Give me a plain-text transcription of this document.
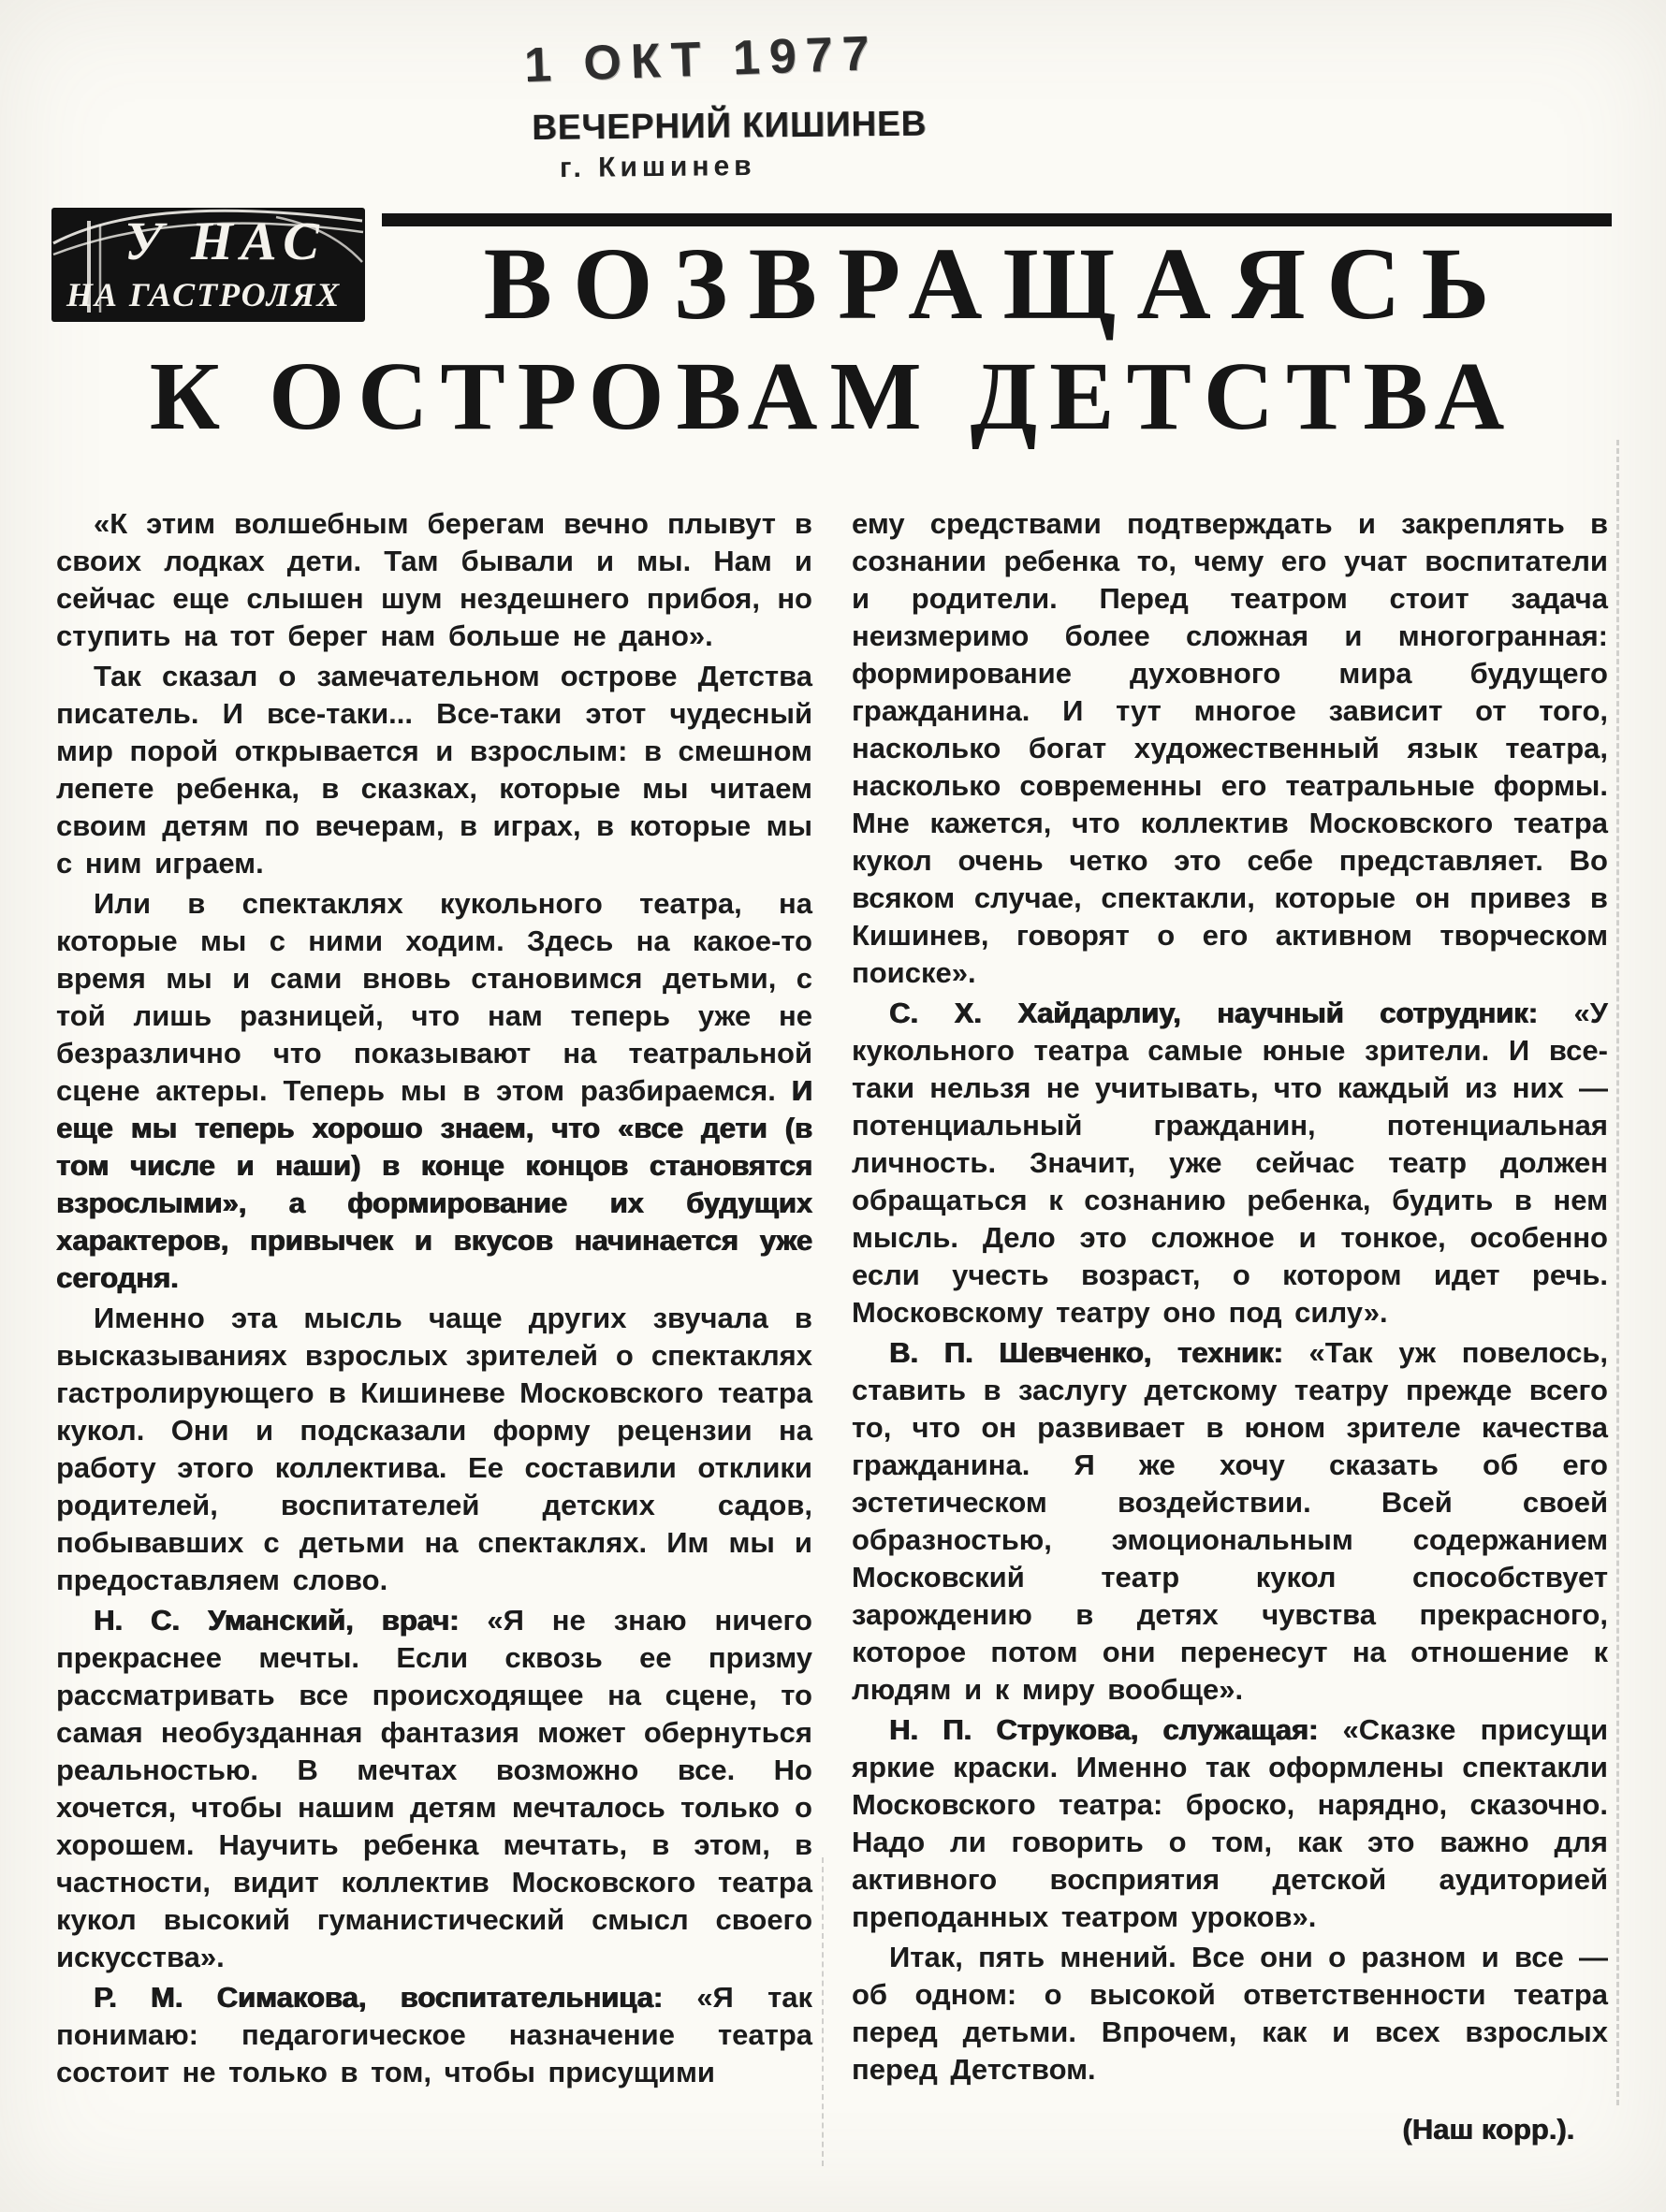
1 ОКТ 1977
ВЕЧЕРНИЙ КИШИНЕВ
г. Кишинев
У НАС
НА ГАСТРОЛЯХ	ВОЗВРАЩАЯСЬ
К ОСТРОВАМ ДЕТСТВА

«К этим волшебным берегам вечно плывут в своих лодках дети. Там бывали и мы. Нам и сейчас еще слышен шум нездешнего прибоя, но ступить на тот берег нам больше не дано».

Так сказал о замечательном острове Детства писатель. И все-таки... Все-таки этот чудесный мир порой открывается и взрослым: в смешном лепете ребенка, в сказках, которые мы читаем своим детям по вечерам, в играх, в которые мы с ним играем.

Или в спектаклях кукольного театра, на которые мы с ними ходим. Здесь на какое-то время мы и сами вновь становимся детьми, с той лишь разницей, что нам теперь уже не безразлично что показывают на театральной сцене актеры. Теперь мы в этом разбираемся. И еще мы теперь хорошо знаем, что «все дети (в том числе и наши) в конце концов становятся взрослыми», а формирование их будущих характеров, привычек и вкусов начинается уже сегодня.

Именно эта мысль чаще других звучала в высказываниях взрослых зрителей о спектаклях гастролирующего в Кишиневе Московского театра кукол. Они и подсказали форму рецензии на работу этого коллектива. Ее составили отклики родителей, воспитателей детских садов, побывавших с детьми на спектаклях. Им мы и предоставляем слово.

Н. С. Уманский, врач: «Я не знаю ничего прекраснее мечты. Если сквозь ее призму рассматривать все происходящее на сцене, то самая необузданная фантазия может обернуться реальностью. В мечтах возможно все. Но хочется, чтобы нашим детям мечталось только о хорошем. Научить ребенка мечтать, в этом, в частности, видит коллектив Московского театра кукол высокий гуманистический смысл своего искусства».

Р. М. Симакова, воспитательница: «Я так понимаю: педагогическое назначение театра состоит не только в том, чтобы присущими

ему средствами подтверждать и закреплять в сознании ребенка то, чему его учат воспитатели и родители. Перед театром стоит задача неизмеримо более сложная и многогранная: формирование духовного мира будущего гражданина. И тут многое зависит от того, насколько богат художественный язык театра, насколько современны его театральные формы. Мне кажется, что коллектив Московского театра кукол очень четко это себе представляет. Во всяком случае, спектакли, которые он привез в Кишинев, говорят о его активном творческом поиске».

С. Х. Хайдарлиу, научный сотрудник: «У кукольного театра самые юные зрители. И все-таки нельзя не учитывать, что каждый из них — потенциальный гражданин, потенциальная личность. Значит, уже сейчас театр должен обращаться к сознанию ребенка, будить в нем мысль. Дело это сложное и тонкое, особенно если учесть возраст, о котором идет речь. Московскому театру оно под силу».

В. П. Шевченко, техник: «Так уж повелось, ставить в заслугу детскому театру прежде всего то, что он развивает в юном зрителе качества гражданина. Я же хочу сказать об его эстетическом воздействии. Всей своей образностью, эмоциональным содержанием Московский театр кукол способствует зарождению в детях чувства прекрасного, которое потом они перенесут на отношение к людям и к миру вообще».

Н. П. Струкова, служащая: «Сказке присущи яркие краски. Именно так оформлены спектакли Московского театра: броско, нарядно, сказочно. Надо ли говорить о том, как это важно для активного восприятия детской аудиторией преподанных театром уроков».

Итак, пять мнений. Все они о разном и все — об одном: о высокой ответственности театра перед детьми. Впрочем, как и всех взрослых перед Детством.

(Наш корр.).
